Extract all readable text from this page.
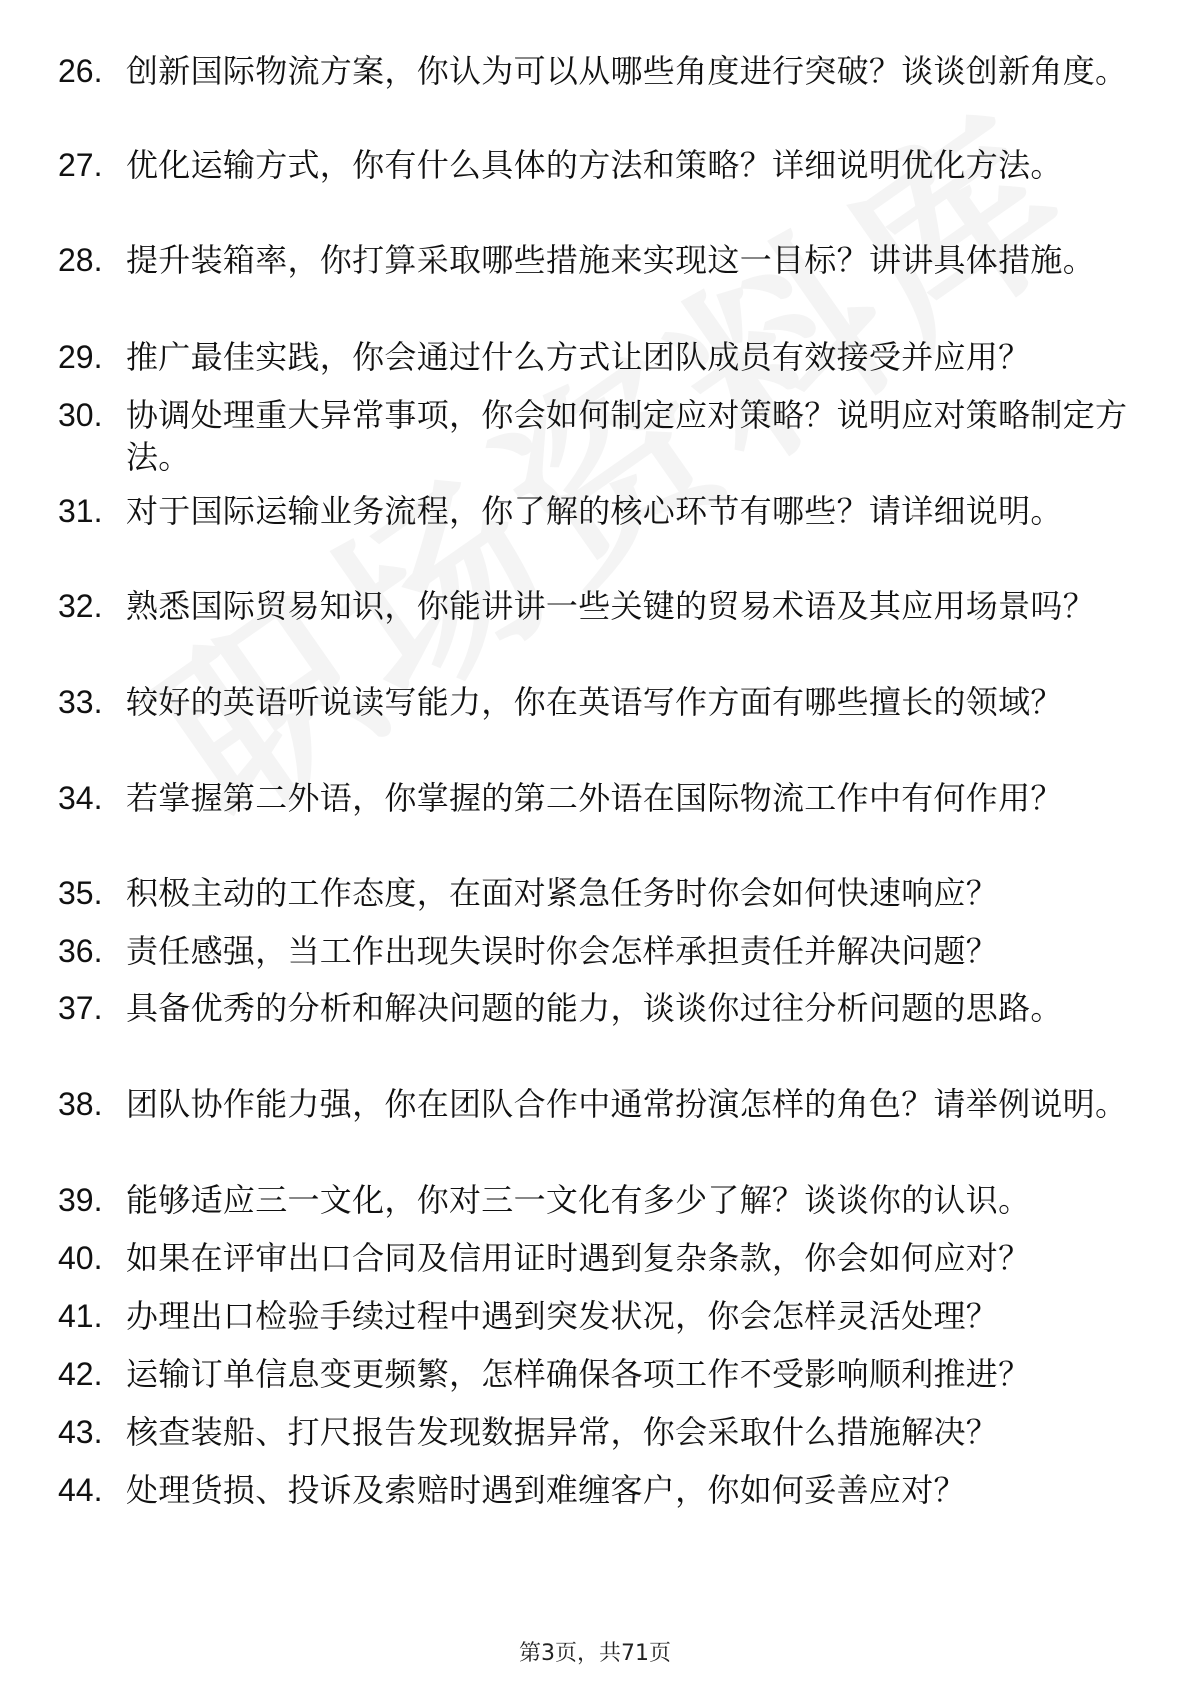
26. 创新国际物流方案，你认为可以从哪些角度进行突破？谈谈创新角度。
27. 优化运输方式，你有什么具体的方法和策略？详细说明优化方法。
28. 提升装箱率，你打算采取哪些措施来实现这一目标？讲讲具体措施。
29. 推广最佳实践，你会通过什么方式让团队成员有效接受并应用？
30. 协调处理重大异常事项，你会如何制定应对策略？说明应对策略制定方法。
31. 对于国际运输业务流程，你了解的核心环节有哪些？请详细说明。
32. 熟悉国际贸易知识，你能讲讲一些关键的贸易术语及其应用场景吗？
33. 较好的英语听说读写能力，你在英语写作方面有哪些擅长的领域？
34. 若掌握第二外语，你掌握的第二外语在国际物流工作中有何作用？
35. 积极主动的工作态度，在面对紧急任务时你会如何快速响应？
36. 责任感强，当工作出现失误时你会怎样承担责任并解决问题？
37. 具备优秀的分析和解决问题的能力，谈谈你过往分析问题的思路。
38. 团队协作能力强，你在团队合作中通常扮演怎样的角色？请举例说明。
39. 能够适应三一文化，你对三一文化有多少了解？谈谈你的认识。
40. 如果在评审出口合同及信用证时遇到复杂条款，你会如何应对？
41. 办理出口检验手续过程中遇到突发状况，你会怎样灵活处理？
42. 运输订单信息变更频繁，怎样确保各项工作不受影响顺利推进？
43. 核查装船、打尺报告发现数据异常，你会采取什么措施解决？
44. 处理货损、投诉及索赔时遇到难缠客户，你如何妥善应对？
第3页，共71页
